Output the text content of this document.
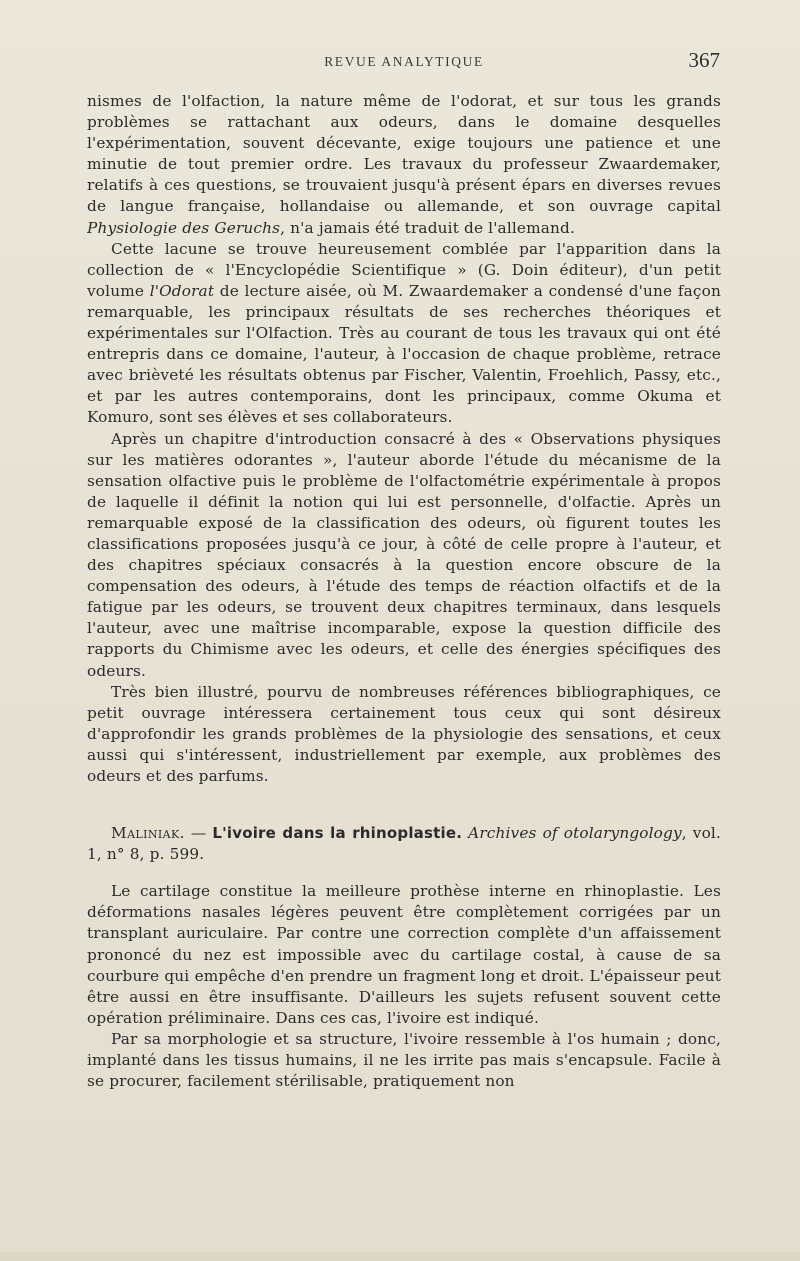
REVUE ANALYTIQUE	367

nismes de l'olfaction, la nature même de l'odorat, et sur tous les grands problèmes se rattachant aux odeurs, dans le domaine desquelles l'expérimentation, souvent décevante, exige toujours une patience et une minutie de tout premier ordre. Les travaux du professeur Zwaardemaker, relatifs à ces questions, se trouvaient jusqu'à présent épars en diverses revues de langue française, hollandaise ou allemande, et son ouvrage capital Physiologie des Geruchs, n'a jamais été traduit de l'allemand.

Cette lacune se trouve heureusement comblée par l'apparition dans la collection de « l'Encyclopédie Scientifique » (G. Doin éditeur), d'un petit volume l'Odorat de lecture aisée, où M. Zwaardemaker a condensé d'une façon remarquable, les principaux résultats de ses recherches théoriques et expérimentales sur l'Olfaction. Très au courant de tous les travaux qui ont été entrepris dans ce domaine, l'auteur, à l'occasion de chaque problème, retrace avec brièveté les résultats obtenus par Fischer, Valentin, Froehlich, Passy, etc., et par les autres contemporains, dont les principaux, comme Okuma et Komuro, sont ses élèves et ses collaborateurs.

Après un chapitre d'introduction consacré à des « Observations physiques sur les matières odorantes », l'auteur aborde l'étude du mécanisme de la sensation olfactive puis le problème de l'olfactométrie expérimentale à propos de laquelle il définit la notion qui lui est personnelle, d'olfactie. Après un remarquable exposé de la classification des odeurs, où figurent toutes les classifications proposées jusqu'à ce jour, à côté de celle propre à l'auteur, et des chapitres spéciaux consacrés à la question encore obscure de la compensation des odeurs, à l'étude des temps de réaction olfactifs et de la fatigue par les odeurs, se trouvent deux chapitres terminaux, dans lesquels l'auteur, avec une maîtrise incomparable, expose la question difficile des rapports du Chimisme avec les odeurs, et celle des énergies spécifiques des odeurs.

Très bien illustré, pourvu de nombreuses références bibliographiques, ce petit ouvrage intéressera certainement tous ceux qui sont désireux d'approfondir les grands problèmes de la physiologie des sensations, et ceux aussi qui s'intéressent, industriellement par exemple, aux problèmes des odeurs et des parfums.

Maliniak. — L'ivoire dans la rhinoplastie. Archives of otolaryngology, vol. 1, n° 8, p. 599.

Le cartilage constitue la meilleure prothèse interne en rhinoplastie. Les déformations nasales légères peuvent être complètement corrigées par un transplant auriculaire. Par contre une correction complète d'un affaissement prononcé du nez est impossible avec du cartilage costal, à cause de sa courbure qui empêche d'en prendre un fragment long et droit. L'épaisseur peut être aussi en être insuffisante. D'ailleurs les sujets refusent souvent cette opération préliminaire. Dans ces cas, l'ivoire est indiqué.

Par sa morphologie et sa structure, l'ivoire ressemble à l'os humain ; donc, implanté dans les tissus humains, il ne les irrite pas mais s'encapsule. Facile à se procurer, facilement stérilisable, pratiquement non
